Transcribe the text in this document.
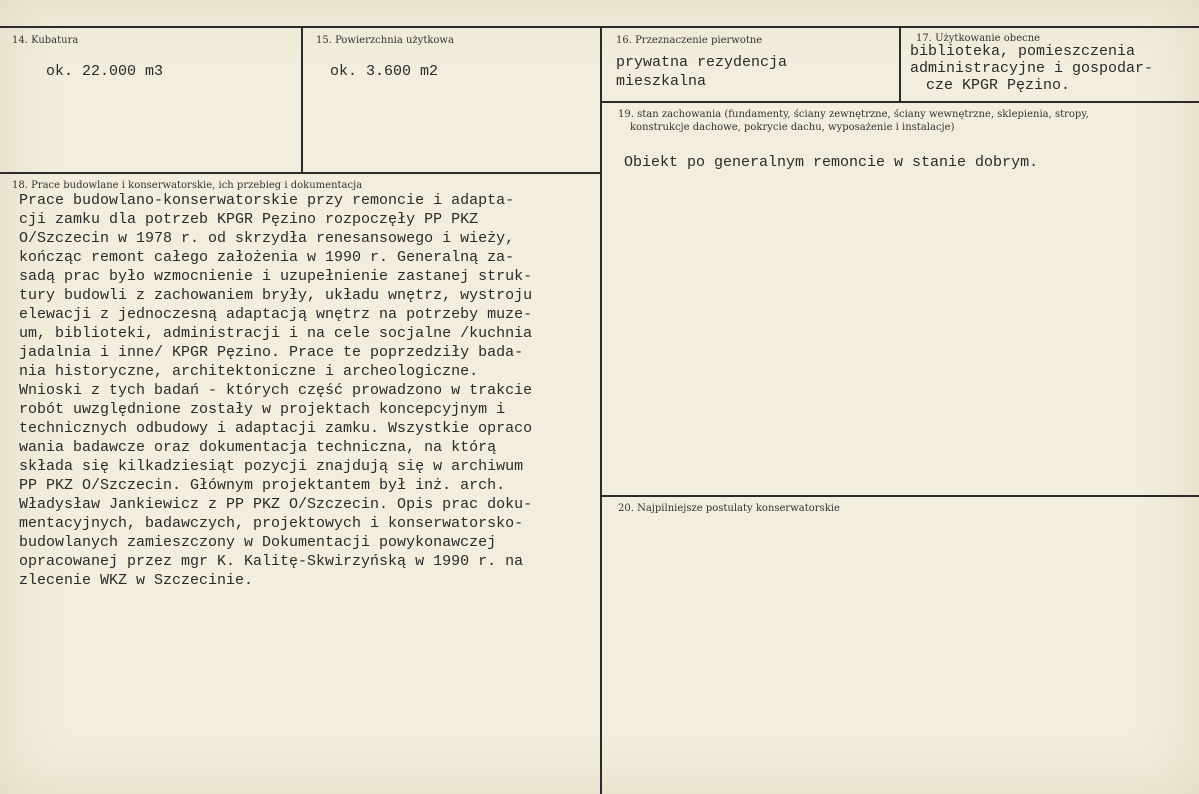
14. Kubatura
ok. 22.000 m3
15. Powierzchnia użytkowa
ok. 3.600 m2
16. Przeznaczenie pierwotne
prywatna rezydencja
mieszkalna
17. Użytkowanie obecne
biblioteka, pomieszczenia
administracyjne i gospodar-
cze KPGR Pęzino.
18. Prace budowlane i konserwatorskie, ich przebieg i dokumentacja
Prace budowlano-konserwatorskie przy remoncie i adapta-
cji zamku dla potrzeb KPGR Pęzino rozpoczęły PP PKZ
O/Szczecin w 1978 r. od skrzydła renesansowego i wieży,
kończąc remont całego założenia w 1990 r. Generalną za-
sadą prac było wzmocnienie i uzupełnienie zastanej struk-
tury budowli z zachowaniem bryły, układu wnętrz, wystroju
elewacji z jednoczesną adaptacją wnętrz na potrzeby muze-
um, biblioteki, administracji i na cele socjalne /kuchnia
jadalnia i inne/ KPGR Pęzino. Prace te poprzedziły bada-
nia historyczne, architektoniczne i archeologiczne.
Wnioski z tych badań - których część prowadzono w trakcie
robót uwzględnione zostały w projektach koncepcyjnym i
technicznych odbudowy i adaptacji zamku. Wszystkie opraco
wania badawcze oraz dokumentacja techniczna, na którą
składa się kilkadziesiąt pozycji znajdują się w archiwum
PP PKZ O/Szczecin. Głównym projektantem był inż. arch.
Władysław Jankiewicz z PP PKZ O/Szczecin. Opis prac doku-
mentacyjnych, badawczych, projektowych i konserwatorsko-
budowlanych zamieszczony w Dokumentacji powykonawczej
opracowanej przez mgr K. Kalitę-Skwirzyńską w 1990 r. na
zlecenie WKZ w Szczecinie.
19. stan zachowania (fundamenty, ściany zewnętrzne, ściany wewnętrzne, sklepienia, stropy,
konstrukcje dachowe, pokrycie dachu, wyposażenie i instalacje)
Obiekt po generalnym remoncie w stanie dobrym.
20. Najpilniejsze postulaty konserwatorskie
